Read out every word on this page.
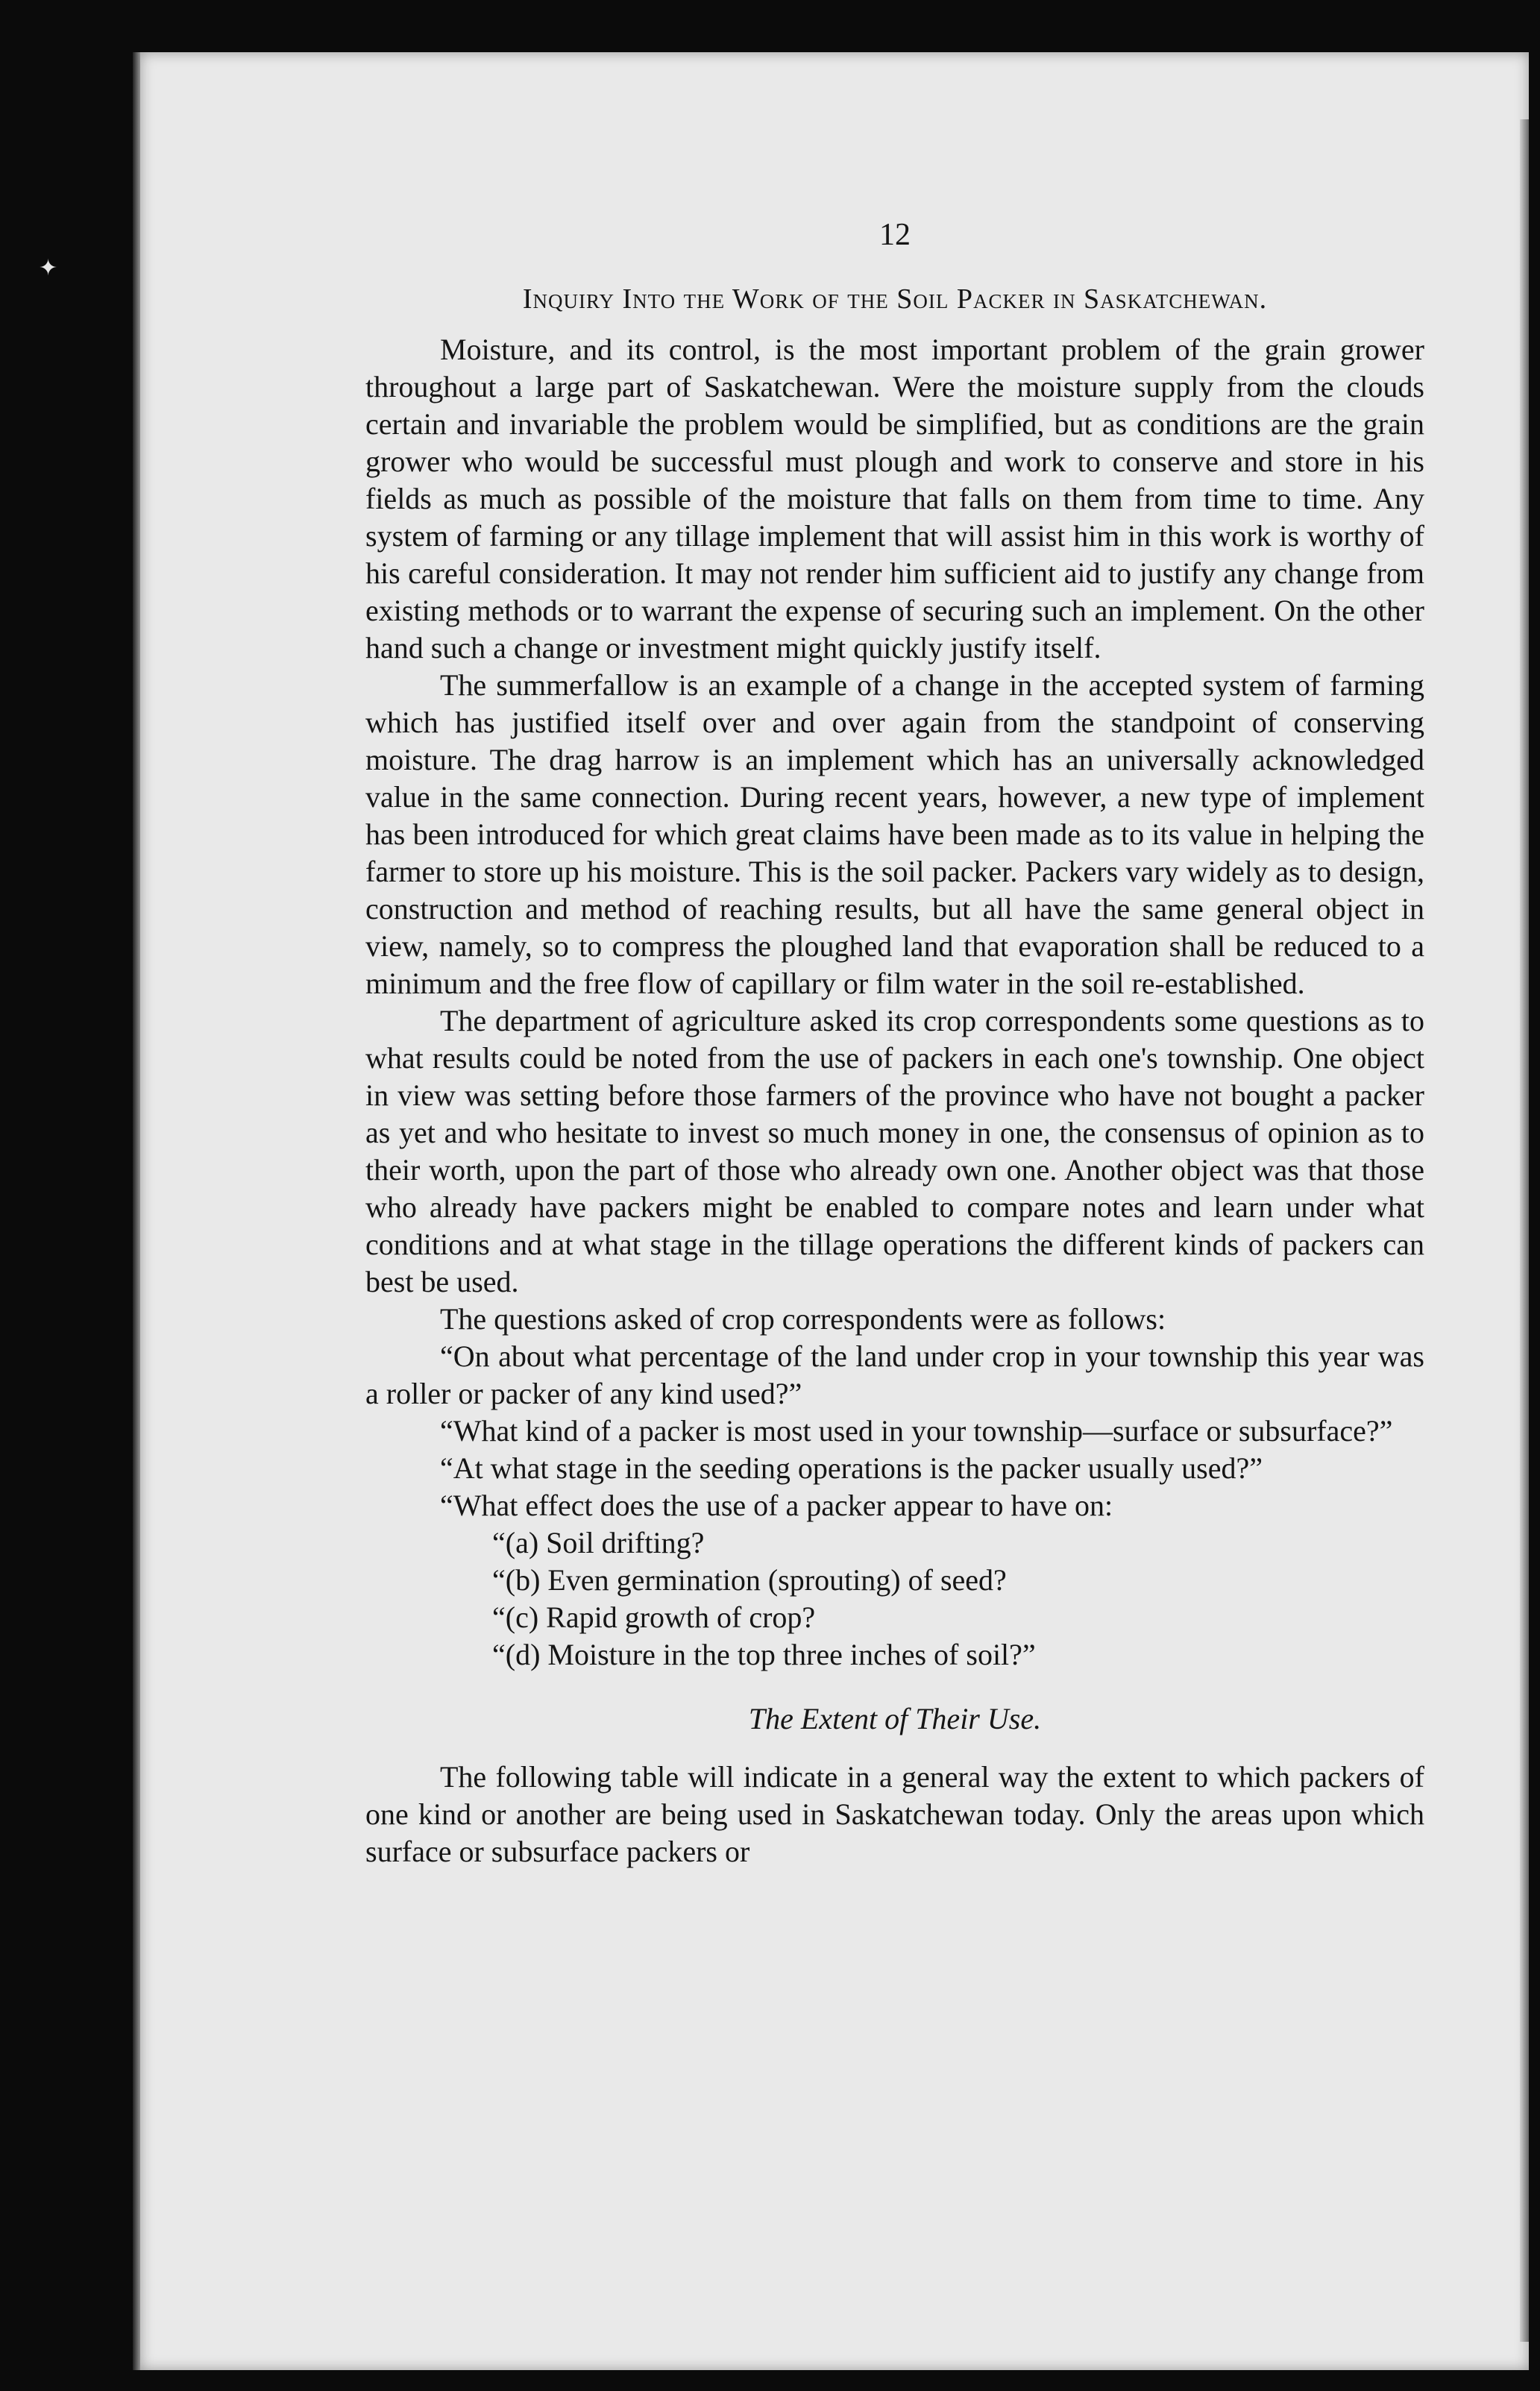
✦
12
Inquiry Into the Work of the Soil Packer in Saskatchewan.

Moisture, and its control, is the most important problem of the grain grower throughout a large part of Saskatchewan. Were the moisture supply from the clouds certain and invariable the problem would be simplified, but as conditions are the grain grower who would be successful must plough and work to conserve and store in his fields as much as possible of the moisture that falls on them from time to time. Any system of farming or any tillage implement that will assist him in this work is worthy of his careful consideration. It may not render him sufficient aid to justify any change from existing methods or to warrant the expense of securing such an implement. On the other hand such a change or investment might quickly justify itself.

The summerfallow is an example of a change in the accepted system of farming which has justified itself over and over again from the standpoint of conserving moisture. The drag harrow is an implement which has an universally acknowledged value in the same connection. During recent years, however, a new type of implement has been introduced for which great claims have been made as to its value in helping the farmer to store up his moisture. This is the soil packer. Packers vary widely as to design, construction and method of reaching results, but all have the same general object in view, namely, so to compress the ploughed land that evaporation shall be reduced to a minimum and the free flow of capillary or film water in the soil re-established.

The department of agriculture asked its crop correspondents some questions as to what results could be noted from the use of packers in each one's township. One object in view was setting before those farmers of the province who have not bought a packer as yet and who hesitate to invest so much money in one, the consensus of opinion as to their worth, upon the part of those who already own one. Another object was that those who already have packers might be enabled to compare notes and learn under what conditions and at what stage in the tillage operations the different kinds of packers can best be used.

The questions asked of crop correspondents were as follows:

“On about what percentage of the land under crop in your township this year was a roller or packer of any kind used?”

“What kind of a packer is most used in your township—surface or subsurface?”

“At what stage in the seeding operations is the packer usually used?”

“What effect does the use of a packer appear to have on:

“(a) Soil drifting?

“(b) Even germination (sprouting) of seed?

“(c) Rapid growth of crop?

“(d) Moisture in the top three inches of soil?”

The Extent of Their Use.

The following table will indicate in a general way the extent to which packers of one kind or another are being used in Saskatchewan today. Only the areas upon which surface or subsurface packers or
